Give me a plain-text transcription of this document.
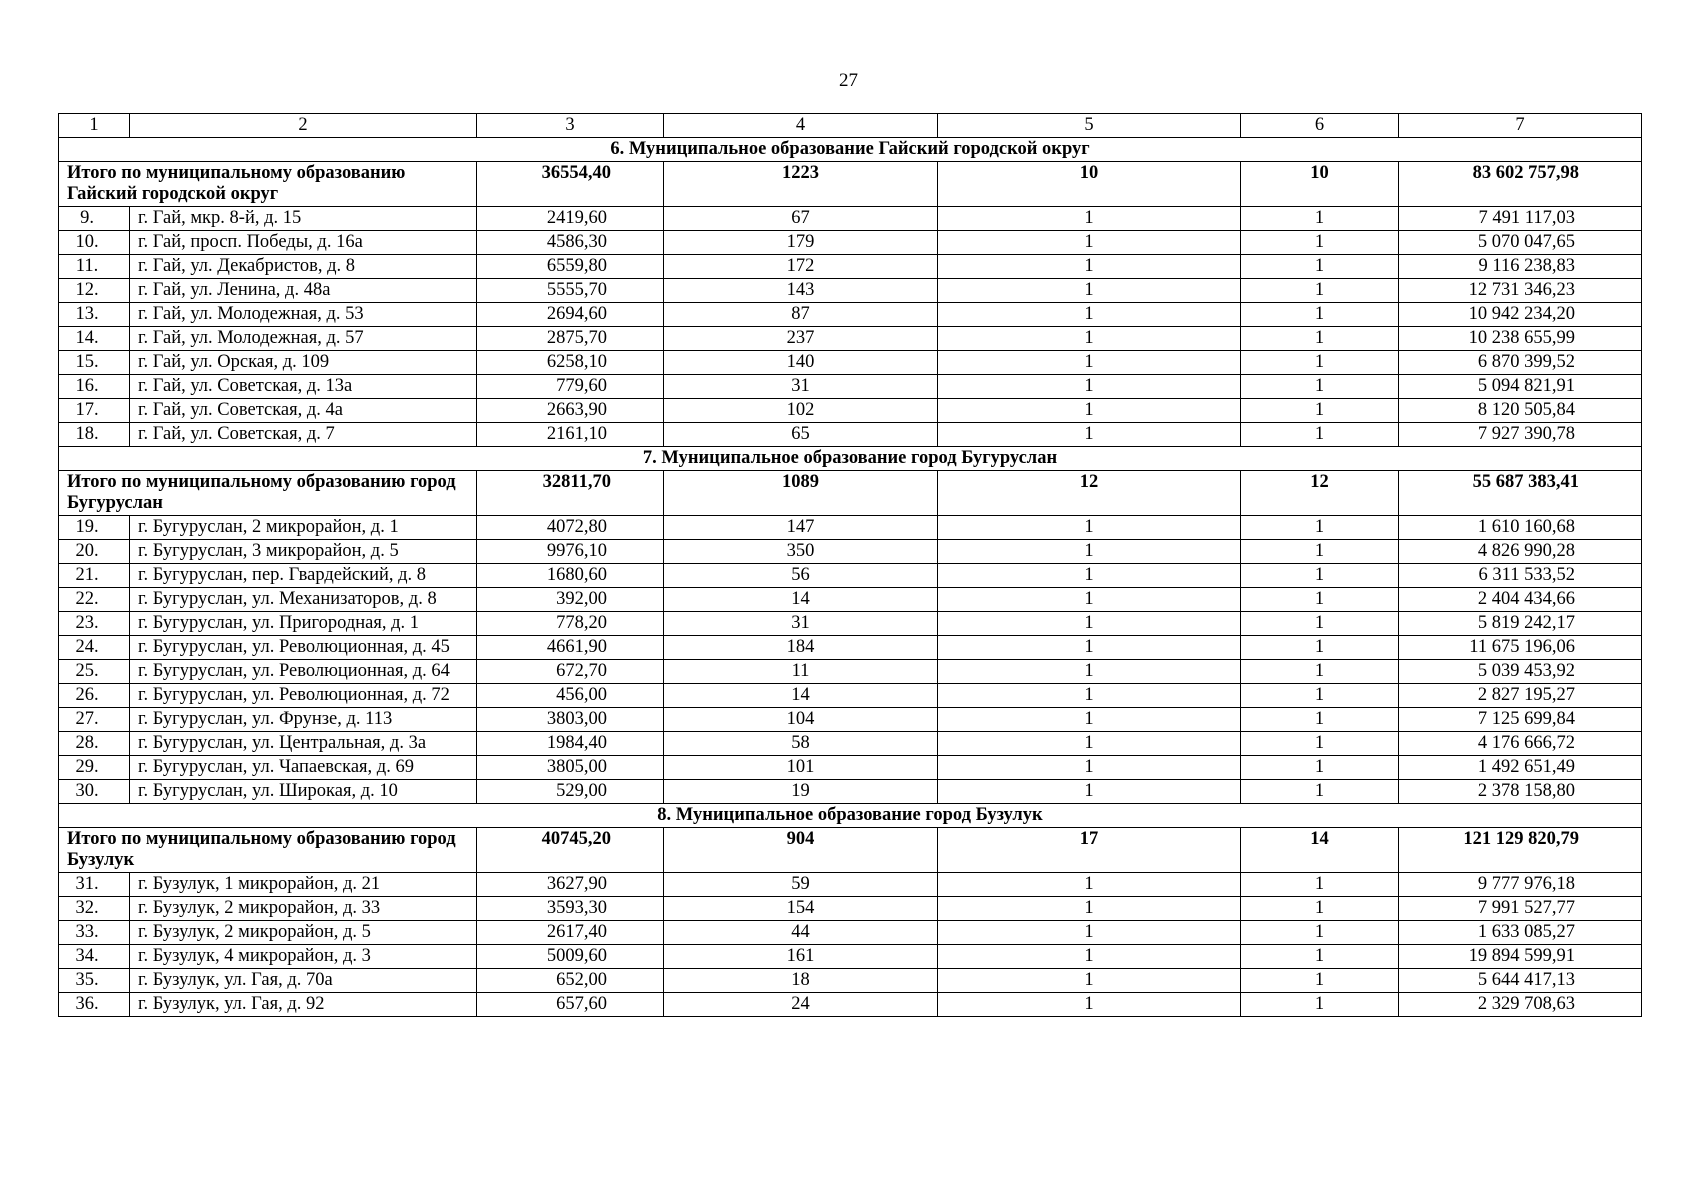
27
1	2	3	4	5	6	7
6. Муниципальное образование Гайский городской округ						
Итого по муниципальному образованию Гайский городской округ		36554,40	1223	10	10	83 602 757,98
9.	г. Гай, мкр. 8-й, д. 15	2419,60	67	1	1	7 491 117,03
10.	г. Гай, просп. Победы, д. 16а	4586,30	179	1	1	5 070 047,65
11.	г. Гай, ул. Декабристов, д. 8	6559,80	172	1	1	9 116 238,83
12.	г. Гай, ул. Ленина, д. 48а	5555,70	143	1	1	12 731 346,23
13.	г. Гай, ул. Молодежная, д. 53	2694,60	87	1	1	10 942 234,20
14.	г. Гай, ул. Молодежная, д. 57	2875,70	237	1	1	10 238 655,99
15.	г. Гай, ул. Орская, д. 109	6258,10	140	1	1	6 870 399,52
16.	г. Гай, ул. Советская, д. 13а	779,60	31	1	1	5 094 821,91
17.	г. Гай, ул. Советская, д. 4а	2663,90	102	1	1	8 120 505,84
18.	г. Гай, ул. Советская, д. 7	2161,10	65	1	1	7 927 390,78
7. Муниципальное образование город Бугуруслан						
Итого по муниципальному образованию город Бугуруслан		32811,70	1089	12	12	55 687 383,41
19.	г. Бугуруслан, 2 микрорайон, д. 1	4072,80	147	1	1	1 610 160,68
20.	г. Бугуруслан, 3 микрорайон, д. 5	9976,10	350	1	1	4 826 990,28
21.	г. Бугуруслан, пер. Гвардейский, д. 8	1680,60	56	1	1	6 311 533,52
22.	г. Бугуруслан, ул. Механизаторов, д. 8	392,00	14	1	1	2 404 434,66
23.	г. Бугуруслан, ул. Пригородная, д. 1	778,20	31	1	1	5 819 242,17
24.	г. Бугуруслан, ул. Революционная, д. 45	4661,90	184	1	1	11 675 196,06
25.	г. Бугуруслан, ул. Революционная, д. 64	672,70	11	1	1	5 039 453,92
26.	г. Бугуруслан, ул. Революционная, д. 72	456,00	14	1	1	2 827 195,27
27.	г. Бугуруслан, ул. Фрунзе, д. 113	3803,00	104	1	1	7 125 699,84
28.	г. Бугуруслан, ул. Центральная, д. 3а	1984,40	58	1	1	4 176 666,72
29.	г. Бугуруслан, ул. Чапаевская, д. 69	3805,00	101	1	1	1 492 651,49
30.	г. Бугуруслан, ул. Широкая, д. 10	529,00	19	1	1	2 378 158,80
8. Муниципальное образование город Бузулук						
Итого по муниципальному образованию город Бузулук		40745,20	904	17	14	121 129 820,79
31.	г. Бузулук, 1 микрорайон, д. 21	3627,90	59	1	1	9 777 976,18
32.	г. Бузулук, 2 микрорайон, д. 33	3593,30	154	1	1	7 991 527,77
33.	г. Бузулук, 2 микрорайон, д. 5	2617,40	44	1	1	1 633 085,27
34.	г. Бузулук, 4 микрорайон, д. 3	5009,60	161	1	1	19 894 599,91
35.	г. Бузулук, ул. Гая, д. 70а	652,00	18	1	1	5 644 417,13
36.	г. Бузулук, ул. Гая, д. 92	657,60	24	1	1	2 329 708,63
